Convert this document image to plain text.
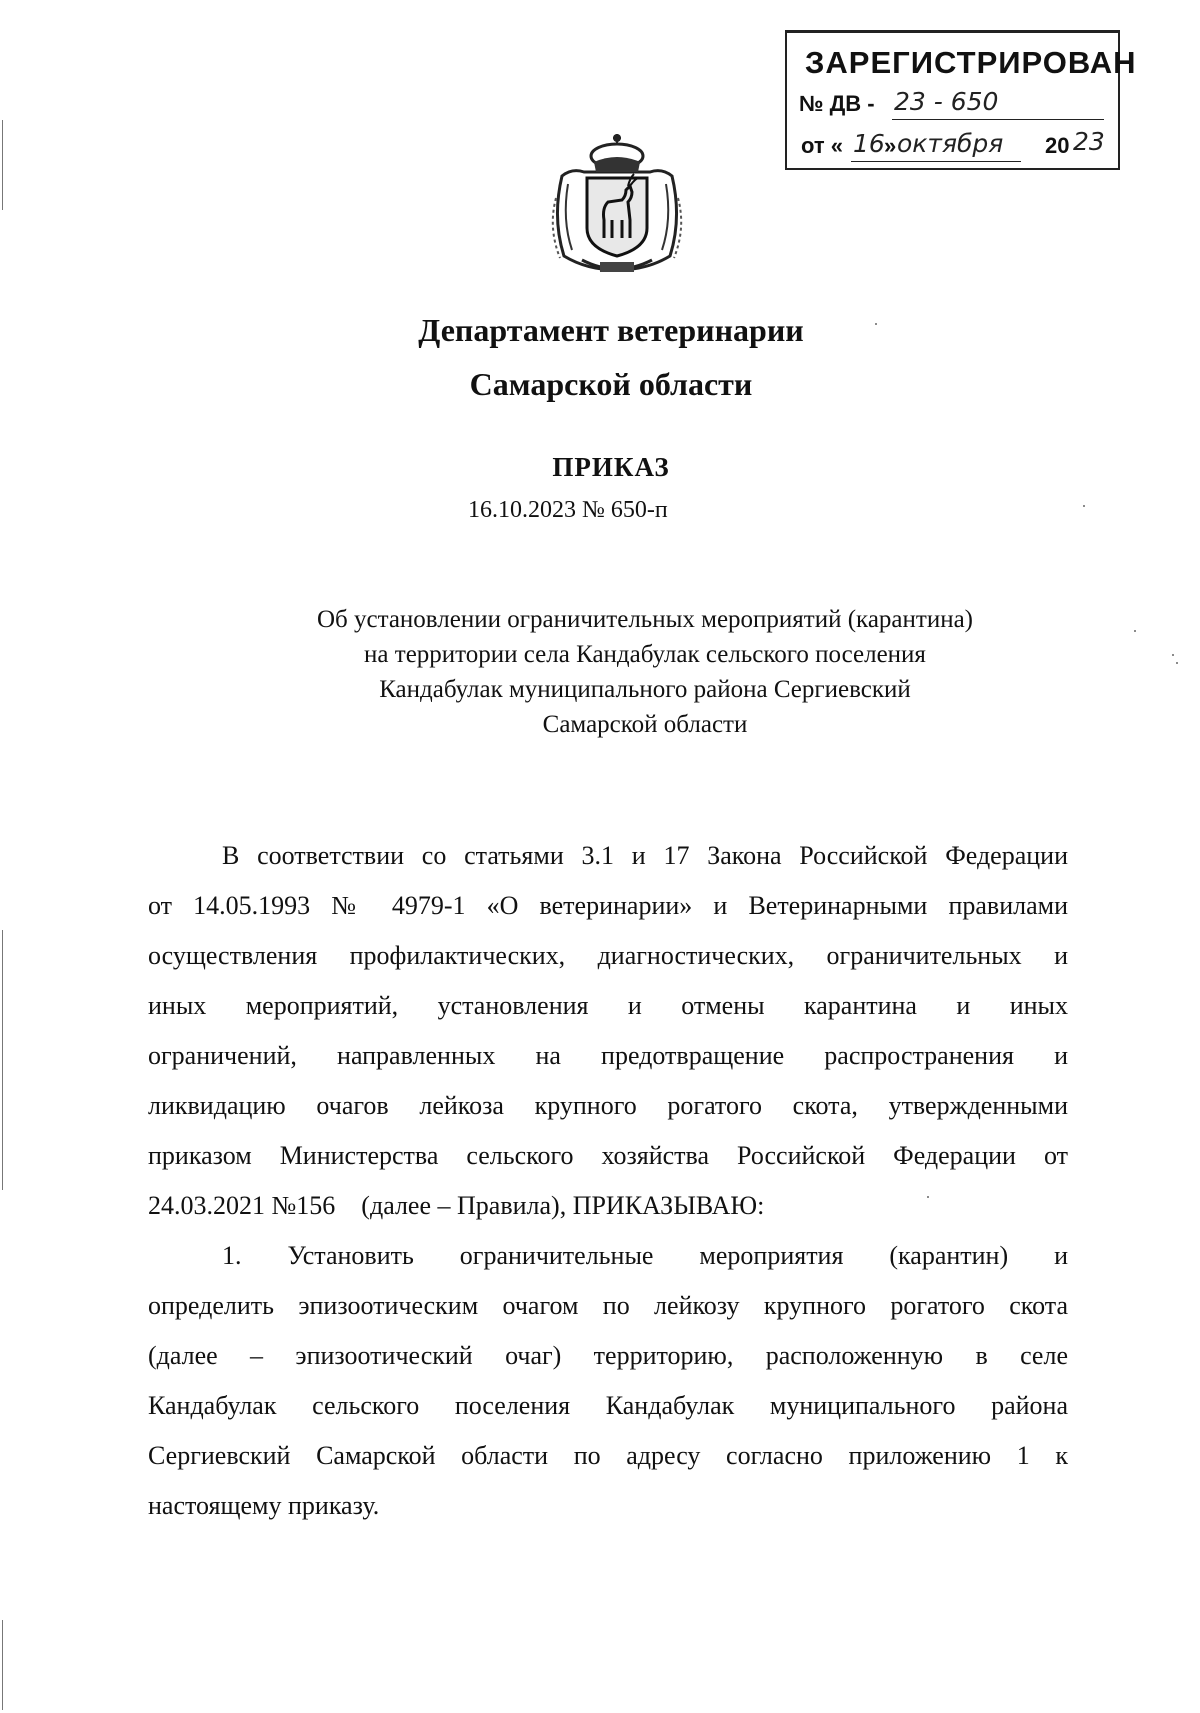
ЗАРЕГИСТРИРОВАН
№ ДВ - 23 - 650
от « 16 » октября 20 23
Департамент ветеринарии
Самарской области
ПРИКАЗ
16.10.2023 № 650-п
Об установлении ограничительных мероприятий (карантина)
на территории села Кандабулак сельского поселения
Кандабулак муниципального района Сергиевский
Самарской области
В соответствии со статьями 3.1 и 17 Закона Российской Федерации
от 14.05.1993 № 4979-1 «О ветеринарии» и Ветеринарными правилами
осуществления профилактических, диагностических, ограничительных и
иных мероприятий, установления и отмены карантина и иных
ограничений, направленных на предотвращение распространения и
ликвидацию очагов лейкоза крупного рогатого скота, утвержденными
приказом Министерства сельского хозяйства Российской Федерации от
24.03.2021 №156    (далее – Правила), ПРИКАЗЫВАЮ:
1. Установить ограничительные мероприятия (карантин) и
определить эпизоотическим очагом по лейкозу крупного рогатого скота
(далее – эпизоотический очаг) территорию, расположенную в селе
Кандабулак сельского поселения Кандабулак муниципального района
Сергиевский Самарской области по адресу согласно приложению 1 к
настоящему приказу.
